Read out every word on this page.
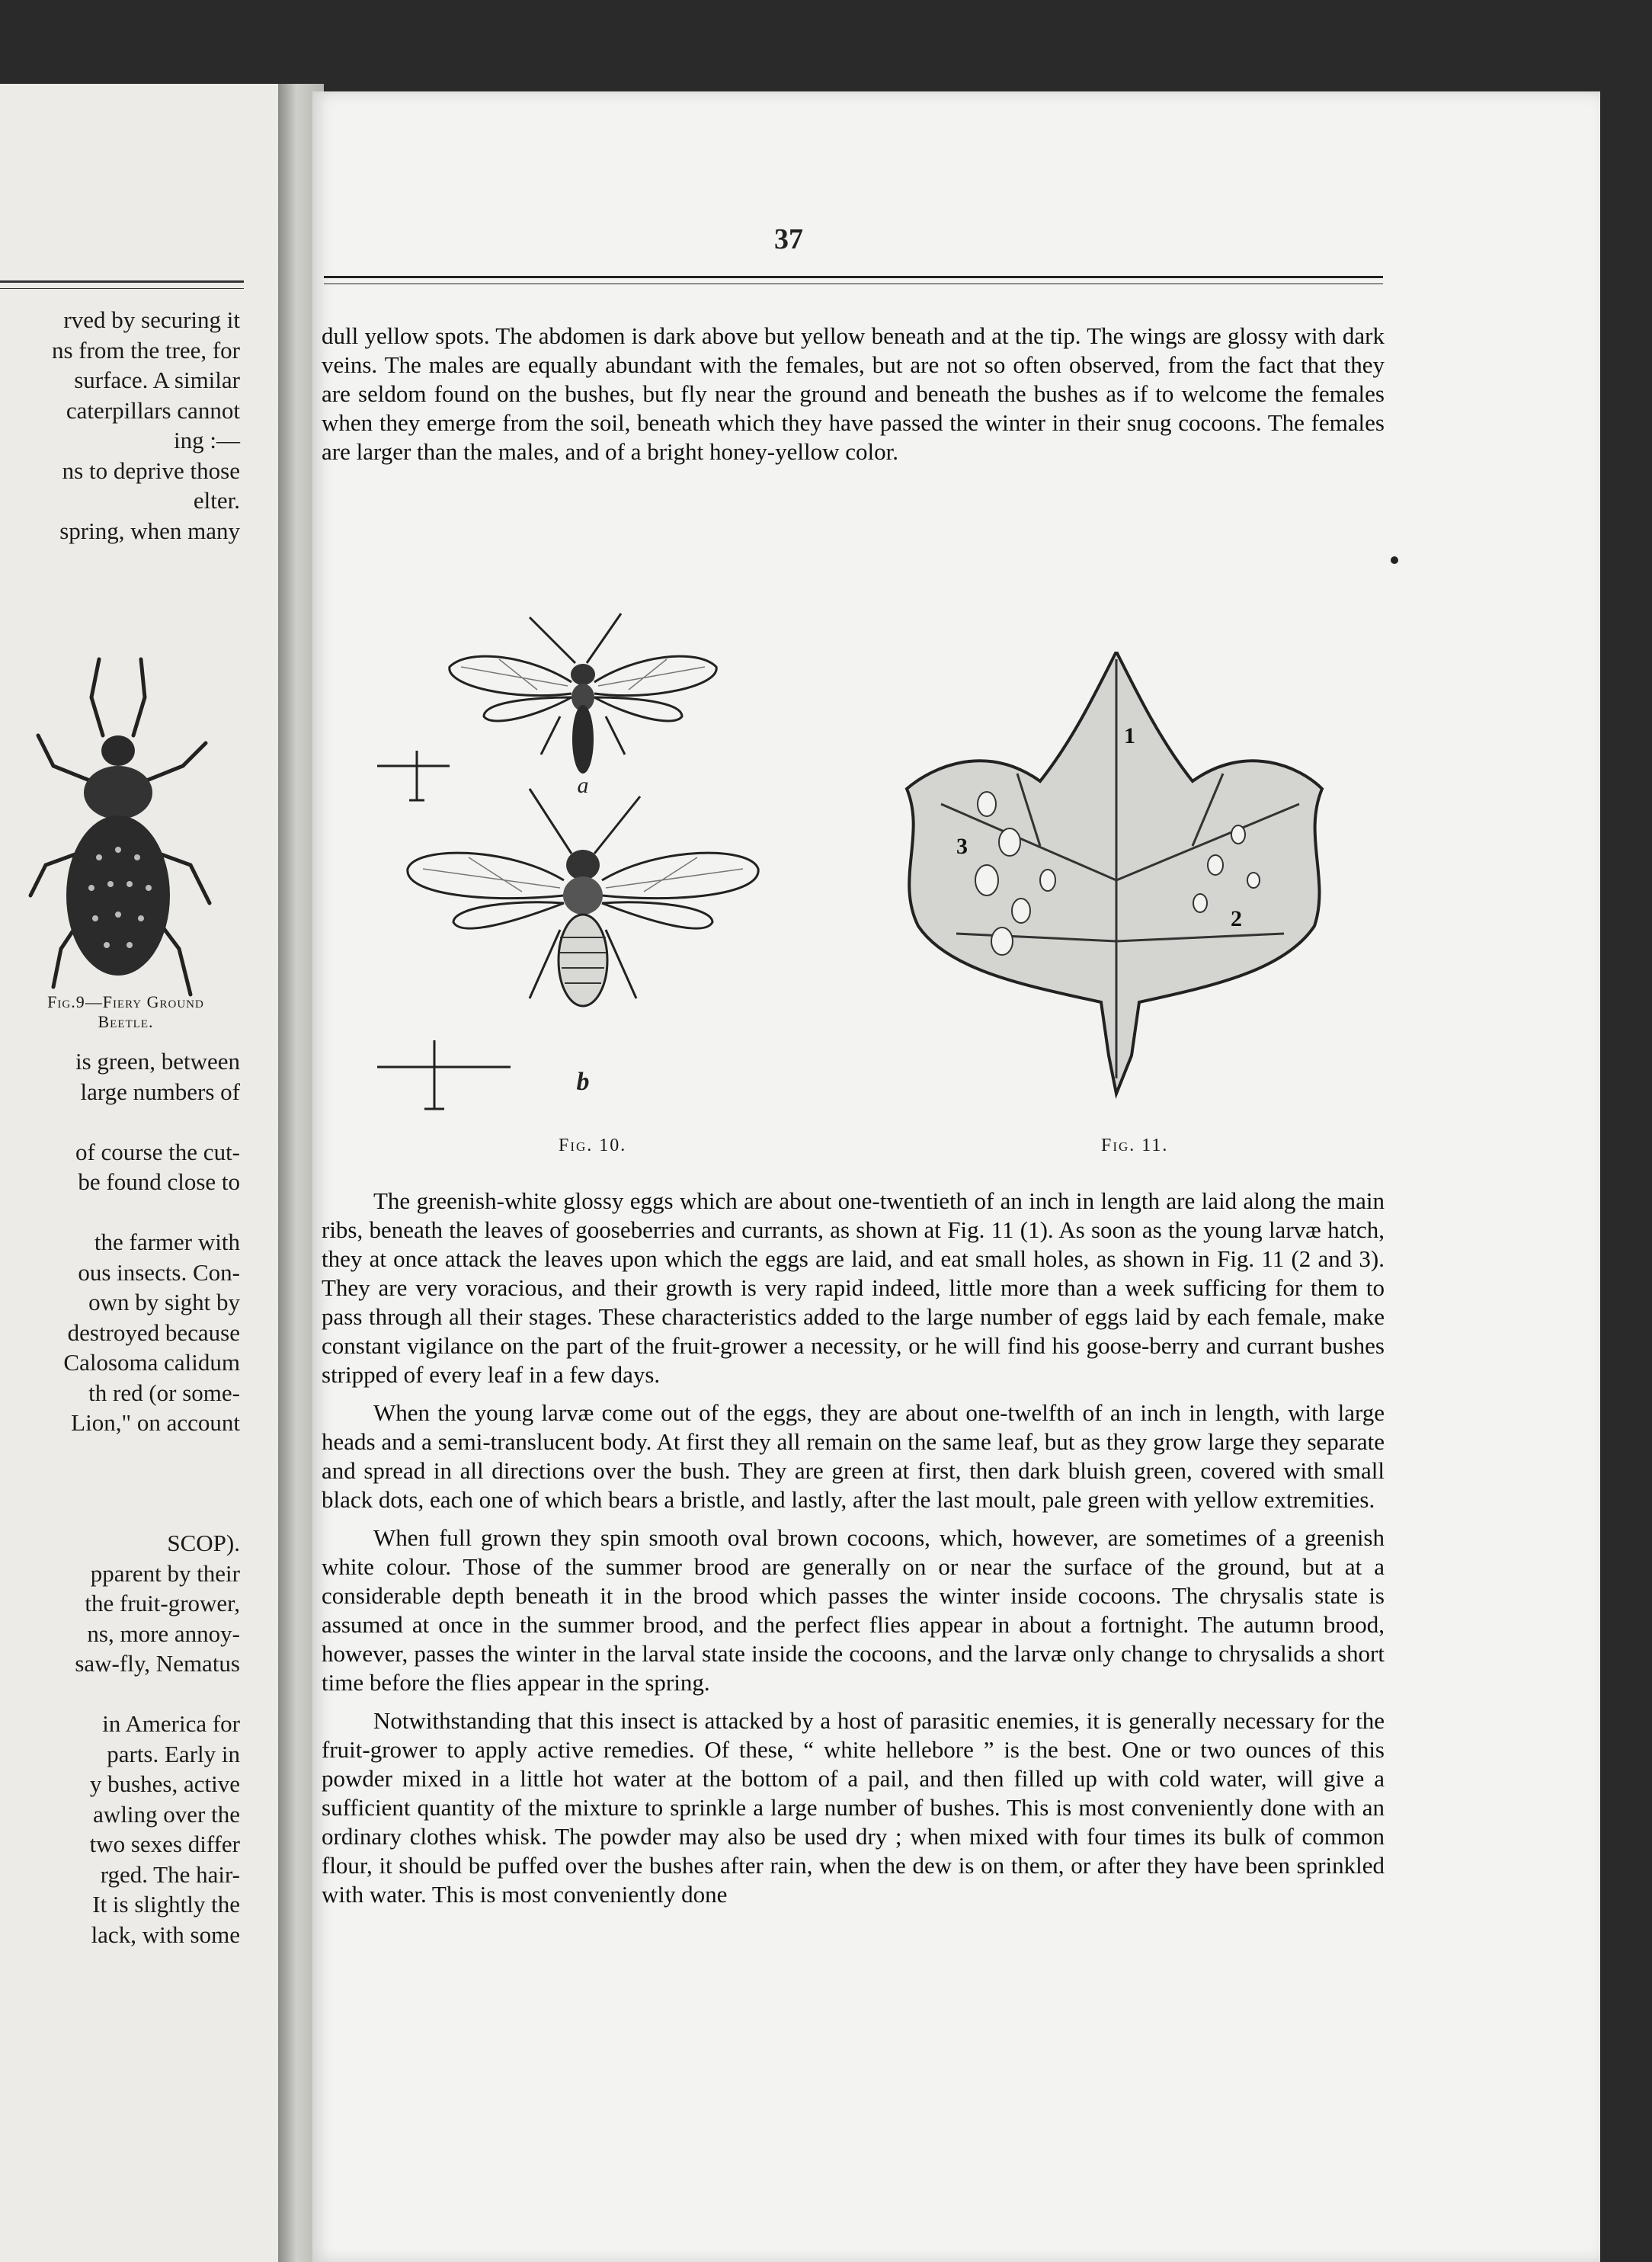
rved by securing it
ns from the tree, for
surface. A similar
caterpillars cannot
ing :—
ns to deprive those
elter.
spring, when many
Fig.9—Fiery Ground
Beetle.
is green, between
large numbers of
of course the cut-
be found close to
the farmer with
ous insects. Con-
own by sight by
destroyed because
Calosoma calidum
th red (or some-
Lion," on account
SCOP).
pparent by their
the fruit-grower,
ns, more annoy-
saw-fly, Nematus
in America for
parts. Early in
y bushes, active
awling over the
two sexes differ
rged. The hair-
It is slightly the
lack, with some
37

dull yellow spots. The abdomen is dark above but yellow beneath and at the tip. The wings are glossy with dark veins. The males are equally abundant with the females, but are not so often observed, from the fact that they are seldom found on the bushes, but fly near the ground and beneath the bushes as if to welcome the females when they emerge from the soil, beneath which they have passed the winter in their snug cocoons. The females are larger than the males, and of a bright honey-yellow color.

a
b
Fig. 10.
1
2
3
Fig. 11.

The greenish-white glossy eggs which are about one-twentieth of an inch in length are laid along the main ribs, beneath the leaves of gooseberries and currants, as shown at Fig. 11 (1). As soon as the young larvæ hatch, they at once attack the leaves upon which the eggs are laid, and eat small holes, as shown in Fig. 11 (2 and 3). They are very voracious, and their growth is very rapid indeed, little more than a week sufficing for them to pass through all their stages. These characteristics added to the large number of eggs laid by each female, make constant vigilance on the part of the fruit-grower a necessity, or he will find his goose-berry and currant bushes stripped of every leaf in a few days.

When the young larvæ come out of the eggs, they are about one-twelfth of an inch in length, with large heads and a semi-translucent body. At first they all remain on the same leaf, but as they grow large they separate and spread in all directions over the bush. They are green at first, then dark bluish green, covered with small black dots, each one of which bears a bristle, and lastly, after the last moult, pale green with yellow extremities.

When full grown they spin smooth oval brown cocoons, which, however, are sometimes of a greenish white colour. Those of the summer brood are generally on or near the surface of the ground, but at a considerable depth beneath it in the brood which passes the winter inside cocoons. The chrysalis state is assumed at once in the summer brood, and the perfect flies appear in about a fortnight. The autumn brood, however, passes the winter in the larval state inside the cocoons, and the larvæ only change to chrysalids a short time before the flies appear in the spring.

Notwithstanding that this insect is attacked by a host of parasitic enemies, it is generally necessary for the fruit-grower to apply active remedies. Of these, “ white hellebore ” is the best. One or two ounces of this powder mixed in a little hot water at the bottom of a pail, and then filled up with cold water, will give a sufficient quantity of the mixture to sprinkle a large number of bushes. This is most conveniently done with an ordinary clothes whisk. The powder may also be used dry ; when mixed with four times its bulk of common flour, it should be puffed over the bushes after rain, when the dew is on them, or after they have been sprinkled with water. This is most conveniently done
